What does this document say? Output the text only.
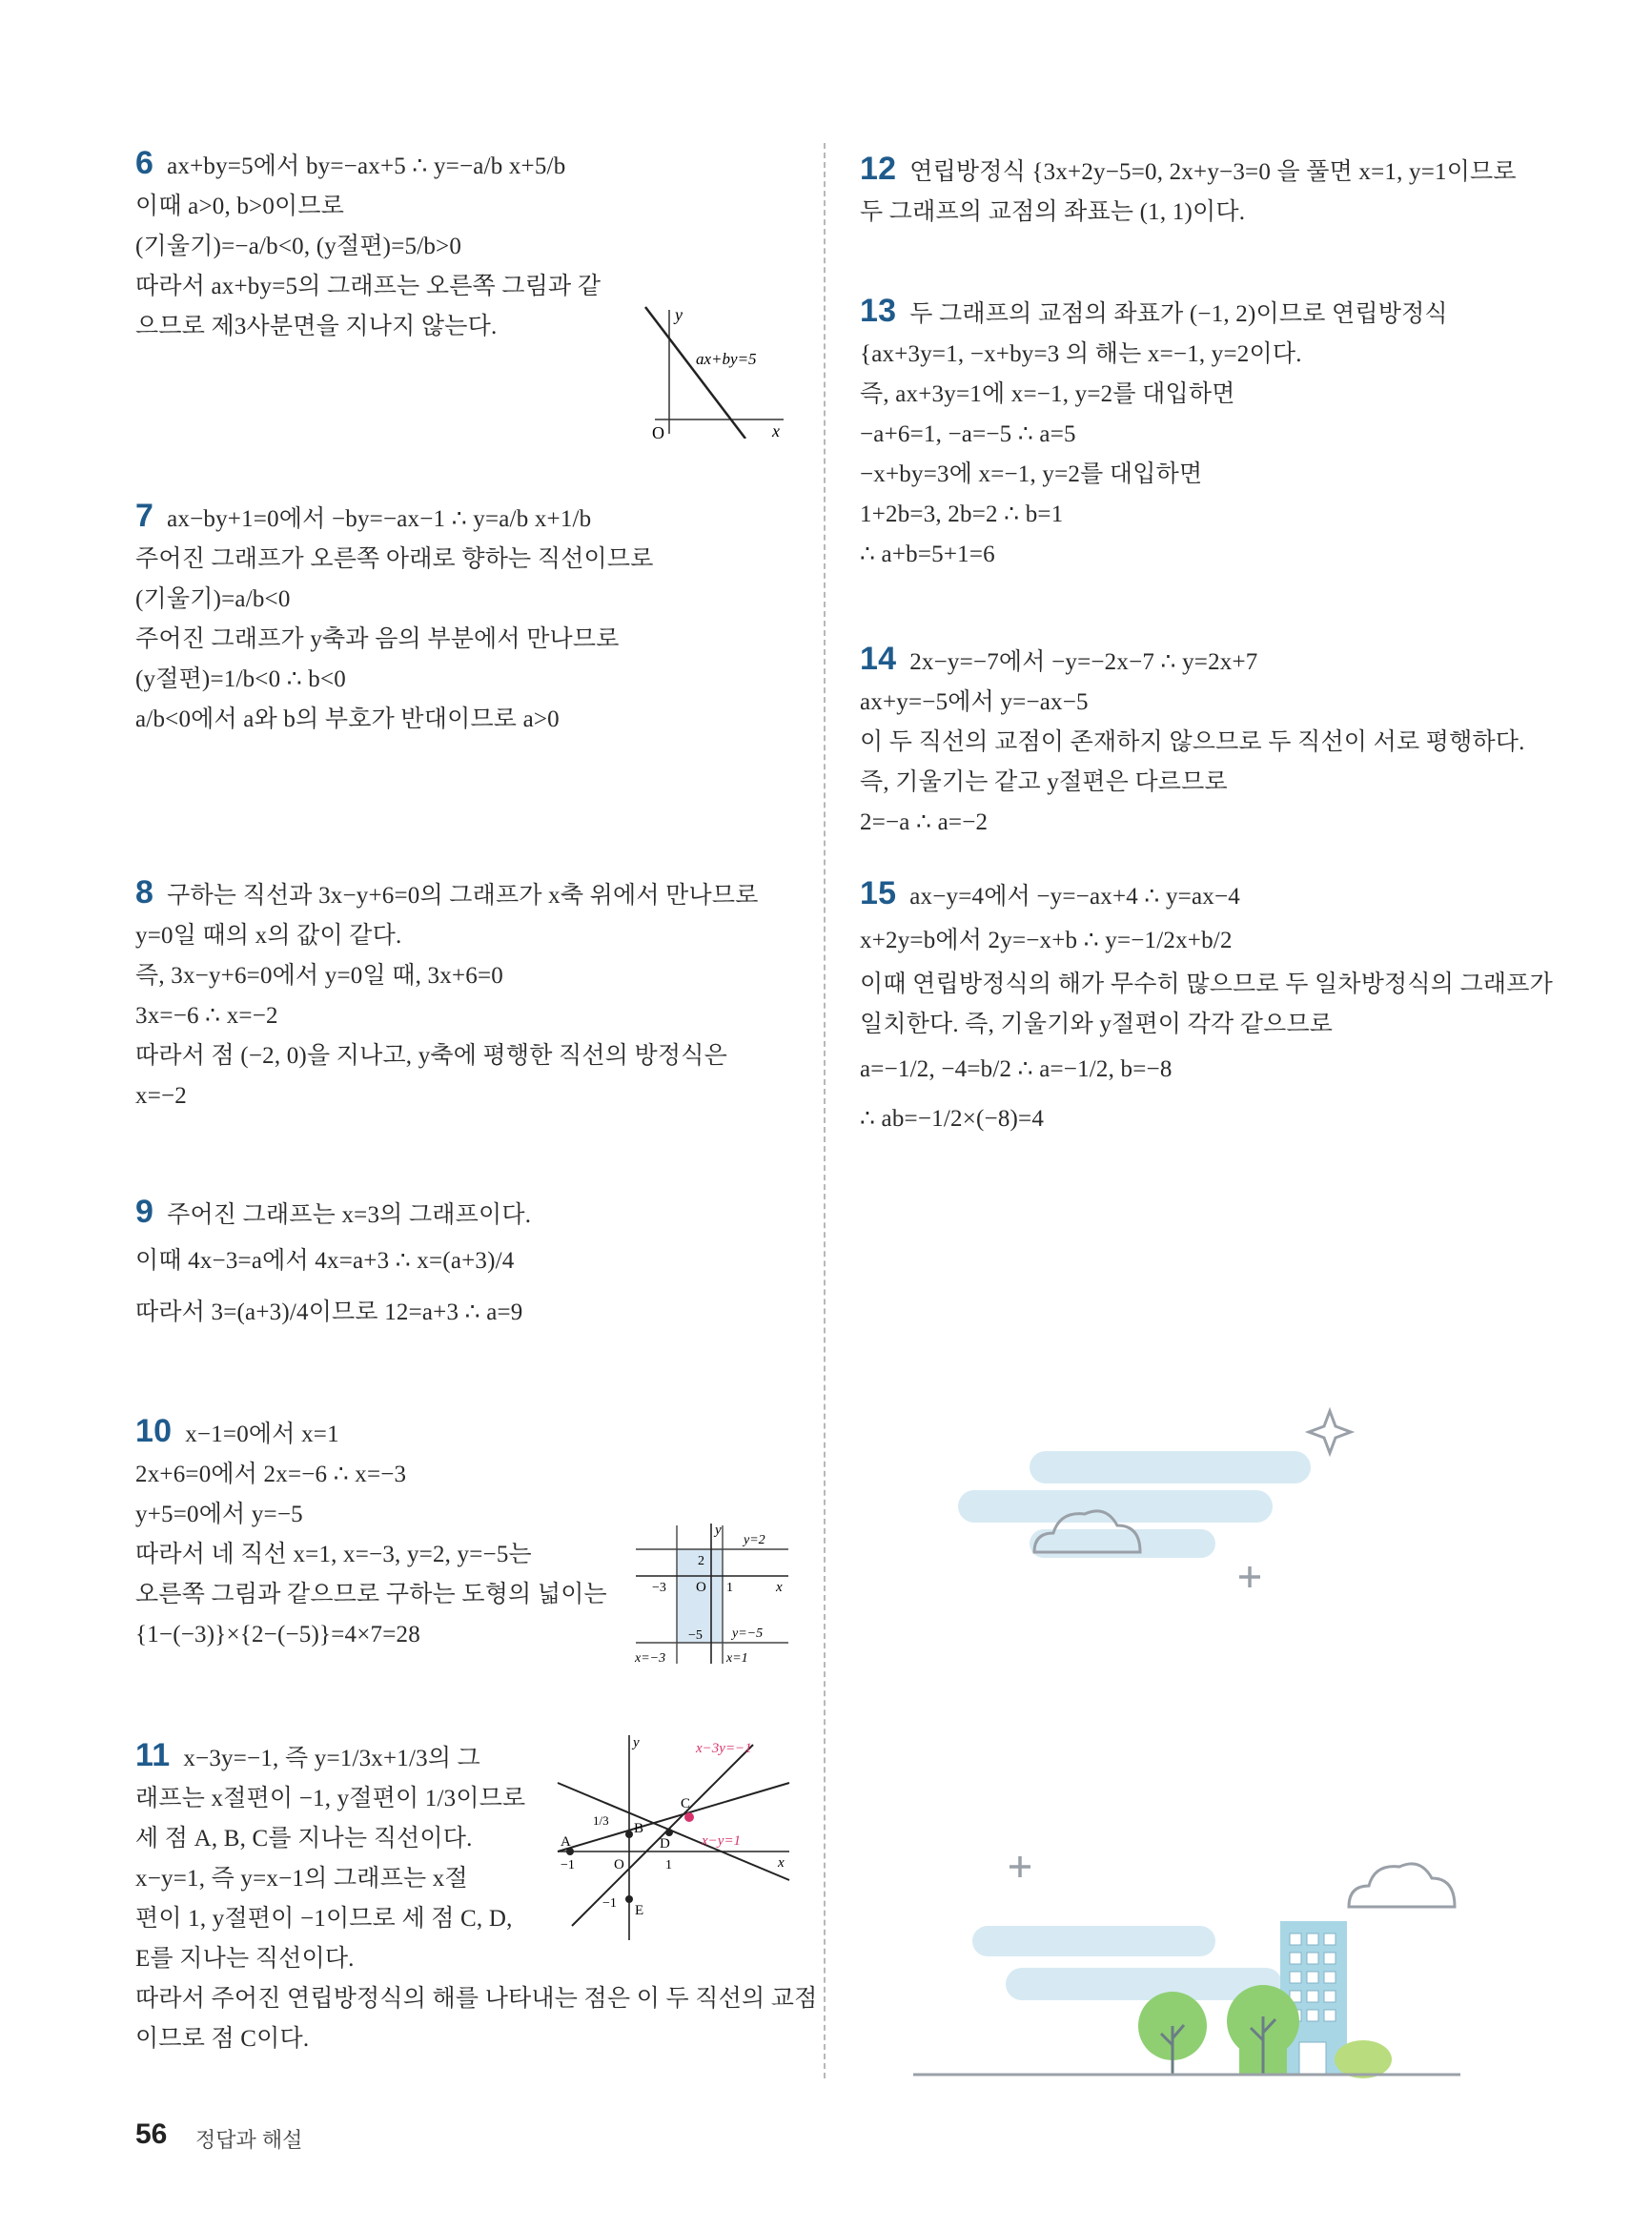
6 ax+by=5에서 by=−ax+5 ∴ y=−a/b x+5/b
이때 a>0, b>0이므로
(기울기)=−a/b<0, (y절편)=5/b>0
따라서 ax+by=5의 그래프는 오른쪽 그림과 같
으므로 제3사분면을 지나지 않는다.	y
x
O
ax+by=5
7 ax−by+1=0에서 −by=−ax−1 ∴ y=a/b x+1/b
주어진 그래프가 오른쪽 아래로 향하는 직선이므로
(기울기)=a/b<0
주어진 그래프가 y축과 음의 부분에서 만나므로
(y절편)=1/b<0 ∴ b<0
a/b<0에서 a와 b의 부호가 반대이므로 a>0
8 구하는 직선과 3x−y+6=0의 그래프가 x축 위에서 만나므로
y=0일 때의 x의 값이 같다.
즉, 3x−y+6=0에서 y=0일 때, 3x+6=0
3x=−6 ∴ x=−2
따라서 점 (−2, 0)을 지나고, y축에 평행한 직선의 방정식은
x=−2
9 주어진 그래프는 x=3의 그래프이다.
이때 4x−3=a에서 4x=a+3 ∴ x=(a+3)/4
따라서 3=(a+3)/4이므로 12=a+3 ∴ a=9
10 x−1=0에서 x=1
2x+6=0에서 2x=−6 ∴ x=−3
y+5=0에서 y=−5
따라서 네 직선 x=1, x=−3, y=2, y=−5는
오른쪽 그림과 같으므로 구하는 도형의 넓이는
{1−(−3)}×{2−(−5)}=4×7=28
y
x
O
2
−3	1
−5
y=2
y=−5
x=−3	x=1
11 x−3y=−1, 즉 y=1/3x+1/3의 그
래프는 x절편이 −1, y절편이 1/3이므로
세 점 A, B, C를 지나는 직선이다.
x−y=1, 즉 y=x−1의 그래프는 x절
편이 1, y절편이 −1이므로 세 점 C, D,
E를 지나는 직선이다.
따라서 주어진 연립방정식의 해를 나타내는 점은 이 두 직선의 교점
이므로 점 C이다.
y
x
O
x−3y=−1
x−y=1
A
B
C
D
E
1/3
−1	1
−1
12 연립방정식 {3x+2y−5=0, 2x+y−3=0 을 풀면 x=1, y=1이므로
두 그래프의 교점의 좌표는 (1, 1)이다.
13 두 그래프의 교점의 좌표가 (−1, 2)이므로 연립방정식
{ax+3y=1, −x+by=3 의 해는 x=−1, y=2이다.
즉, ax+3y=1에 x=−1, y=2를 대입하면
−a+6=1, −a=−5 ∴ a=5
−x+by=3에 x=−1, y=2를 대입하면
1+2b=3, 2b=2 ∴ b=1
∴ a+b=5+1=6
14 2x−y=−7에서 −y=−2x−7 ∴ y=2x+7
ax+y=−5에서 y=−ax−5
이 두 직선의 교점이 존재하지 않으므로 두 직선이 서로 평행하다.
즉, 기울기는 같고 y절편은 다르므로
2=−a ∴ a=−2
15 ax−y=4에서 −y=−ax+4 ∴ y=ax−4
x+2y=b에서 2y=−x+b ∴ y=−1/2x+b/2
이때 연립방정식의 해가 무수히 많으므로 두 일차방정식의 그래프가
일치한다. 즉, 기울기와 y절편이 각각 같으므로
a=−1/2, −4=b/2 ∴ a=−1/2, b=−8
∴ ab=−1/2×(−8)=4
56 정답과 해설
